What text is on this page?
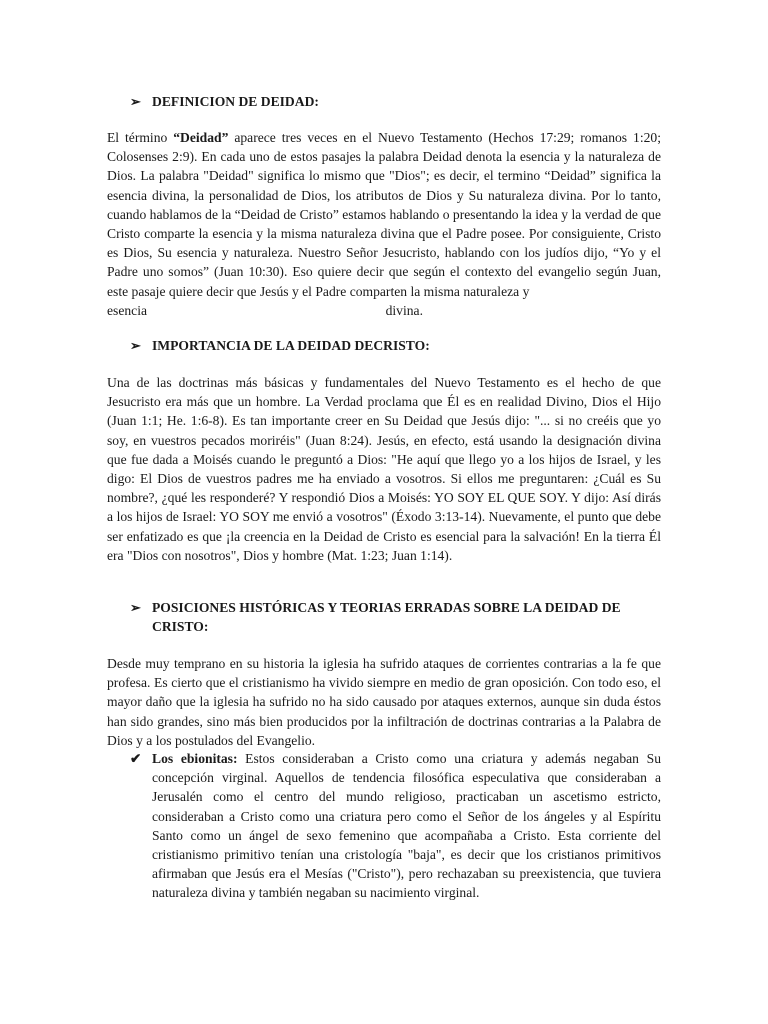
➢ DEFINICION DE DEIDAD:
El término “Deidad” aparece tres veces en el Nuevo Testamento (Hechos 17:29; romanos 1:20; Colosenses 2:9). En cada uno de estos pasajes la palabra Deidad denota la esencia y la naturaleza de Dios. La palabra "Deidad" significa lo mismo que "Dios"; es decir, el termino “Deidad” significa la esencia divina, la personalidad de Dios, los atributos de Dios y Su naturaleza divina. Por lo tanto, cuando hablamos de la “Deidad de Cristo” estamos hablando o presentando la idea y la verdad de que Cristo comparte la esencia y la misma naturaleza divina que el Padre posee. Por consiguiente, Cristo es Dios, Su esencia y naturaleza. Nuestro Señor Jesucristo, hablando con los judíos dijo, “Yo y el Padre uno somos” (Juan 10:30). Eso quiere decir que según el contexto del evangelio según Juan, este pasaje quiere decir que Jesús y el Padre comparten la misma naturaleza y
esencia	divina.
➢ IMPORTANCIA DE LA DEIDAD DECRISTO:

Una de las doctrinas más básicas y fundamentales del Nuevo Testamento es el hecho de que Jesucristo era más que un hombre. La Verdad proclama que Él es en realidad Divino, Dios el Hijo (Juan 1:1; He. 1:6-8). Es tan importante creer en Su Deidad que Jesús dijo: "... si no creéis que yo soy, en vuestros pecados moriréis" (Juan 8:24). Jesús, en efecto, está usando la designación divina que fue dada a Moisés cuando le preguntó a Dios: "He aquí que llego yo a los hijos de Israel, y les digo: El Dios de vuestros padres me ha enviado a vosotros. Si ellos me preguntaren: ¿Cuál es Su nombre?, ¿qué les responderé? Y respondió Dios a Moisés: YO SOY EL QUE SOY. Y dijo: Así dirás a los hijos de Israel: YO SOY me envió a vosotros" (Éxodo 3:13-14). Nuevamente, el punto que debe ser enfatizado es que ¡la creencia en la Deidad de Cristo es esencial para la salvación! En la tierra Él era "Dios con nosotros", Dios y hombre (Mat. 1:23; Juan 1:14).

➢ POSICIONES HISTÓRICAS Y TEORIAS ERRADAS SOBRE LA DEIDAD DE
CRISTO:

Desde muy temprano en su historia la iglesia ha sufrido ataques de corrientes contrarias a la fe que profesa. Es cierto que el cristianismo ha vivido siempre en medio de gran oposición. Con todo eso, el mayor daño que la iglesia ha sufrido no ha sido causado por ataques externos, aunque sin duda éstos han sido grandes, sino más bien producidos por la infiltración de doctrinas contrarias a la Palabra de Dios y a los postulados del Evangelio.

✔ Los ebionitas: Estos consideraban a Cristo como una criatura y además negaban Su concepción virginal. Aquellos de tendencia filosófica especulativa que consideraban a Jerusalén como el centro del mundo religioso, practicaban un ascetismo estricto, consideraban a Cristo como una criatura pero como el Señor de los ángeles y al Espíritu Santo como un ángel de sexo femenino que acompañaba a Cristo. Esta corriente del cristianismo primitivo tenían una cristología "baja", es decir que los cristianos primitivos afirmaban que Jesús era el Mesías ("Cristo"), pero rechazaban su preexistencia, que tuviera naturaleza divina y también negaban su nacimiento virginal.
